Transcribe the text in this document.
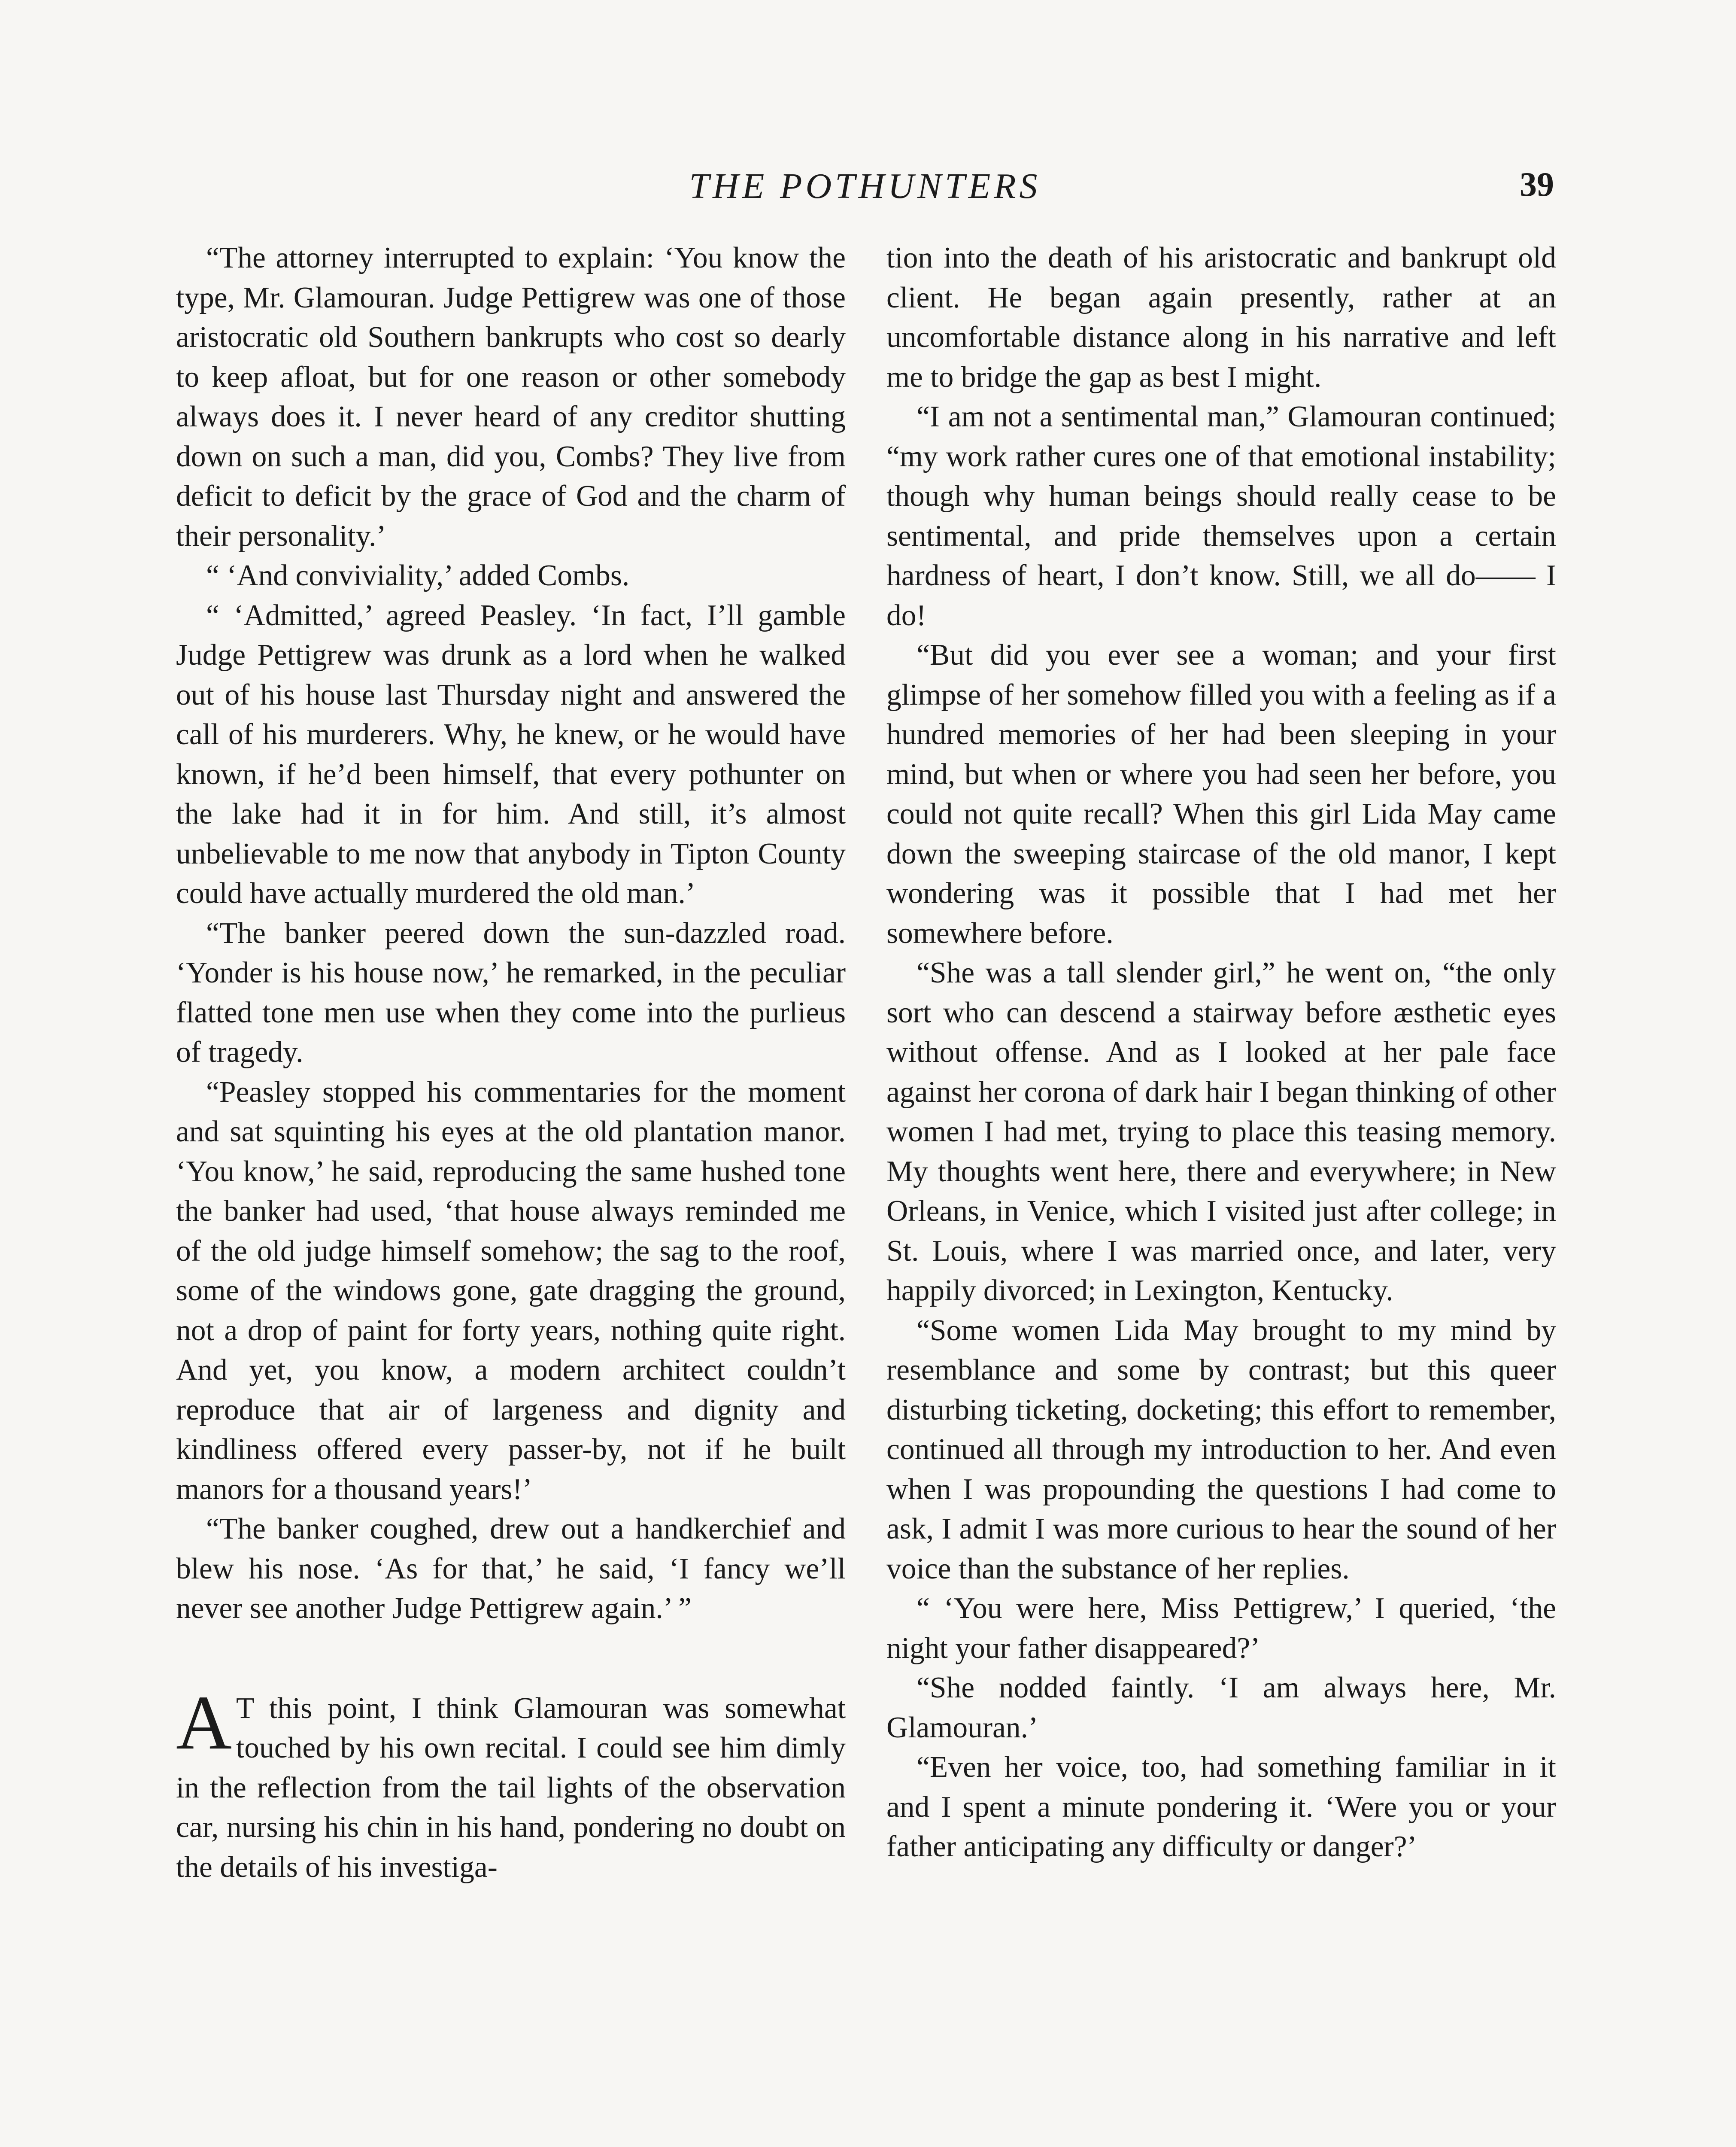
THE POTHUNTERS	39

“The attorney interrupted to explain: ‘You know the type, Mr. Glamouran. Judge Pettigrew was one of those aristocratic old Southern bankrupts who cost so dearly to keep afloat, but for one reason or other somebody always does it. I never heard of any creditor shutting down on such a man, did you, Combs? They live from deficit to deficit by the grace of God and the charm of their personality.’

“ ‘And conviviality,’ added Combs.

“ ‘Admitted,’ agreed Peasley. ‘In fact, I’ll gamble Judge Pettigrew was drunk as a lord when he walked out of his house last Thursday night and answered the call of his murderers. Why, he knew, or he would have known, if he’d been himself, that every pothunter on the lake had it in for him. And still, it’s almost unbelievable to me now that anybody in Tipton County could have actually murdered the old man.’

“The banker peered down the sun-dazzled road. ‘Yonder is his house now,’ he remarked, in the peculiar flatted tone men use when they come into the purlieus of tragedy.

“Peasley stopped his commentaries for the moment and sat squinting his eyes at the old plantation manor. ‘You know,’ he said, reproducing the same hushed tone the banker had used, ‘that house always reminded me of the old judge himself somehow; the sag to the roof, some of the windows gone, gate dragging the ground, not a drop of paint for forty years, nothing quite right. And yet, you know, a modern architect couldn’t reproduce that air of largeness and dignity and kindliness offered every passer-by, not if he built manors for a thousand years!’

“The banker coughed, drew out a handkerchief and blew his nose. ‘As for that,’ he said, ‘I fancy we’ll never see another Judge Pettigrew again.’ ”

A T this point, I think Glamouran was somewhat touched by his own recital. I could see him dimly in the reflection from the tail lights of the observation car, nursing his chin in his hand, pondering no doubt on the details of his investiga-

tion into the death of his aristocratic and bankrupt old client. He began again presently, rather at an uncomfortable distance along in his narrative and left me to bridge the gap as best I might.

“I am not a sentimental man,” Glamouran continued; “my work rather cures one of that emotional instability; though why human beings should really cease to be sentimental, and pride themselves upon a certain hardness of heart, I don’t know. Still, we all do—— I do!

“But did you ever see a woman; and your first glimpse of her somehow filled you with a feeling as if a hundred memories of her had been sleeping in your mind, but when or where you had seen her before, you could not quite recall? When this girl Lida May came down the sweeping staircase of the old manor, I kept wondering was it possible that I had met her somewhere before.

“She was a tall slender girl,” he went on, “the only sort who can descend a stairway before æsthetic eyes without offense. And as I looked at her pale face against her corona of dark hair I began thinking of other women I had met, trying to place this teasing memory. My thoughts went here, there and everywhere; in New Orleans, in Venice, which I visited just after college; in St. Louis, where I was married once, and later, very happily divorced; in Lexington, Kentucky.

“Some women Lida May brought to my mind by resemblance and some by contrast; but this queer disturbing ticketing, docketing; this effort to remember, continued all through my introduction to her. And even when I was propounding the questions I had come to ask, I admit I was more curious to hear the sound of her voice than the substance of her replies.

“ ‘You were here, Miss Pettigrew,’ I queried, ‘the night your father disappeared?’

“She nodded faintly. ‘I am always here, Mr. Glamouran.’

“Even her voice, too, had something familiar in it and I spent a minute pondering it. ‘Were you or your father anticipating any difficulty or danger?’
